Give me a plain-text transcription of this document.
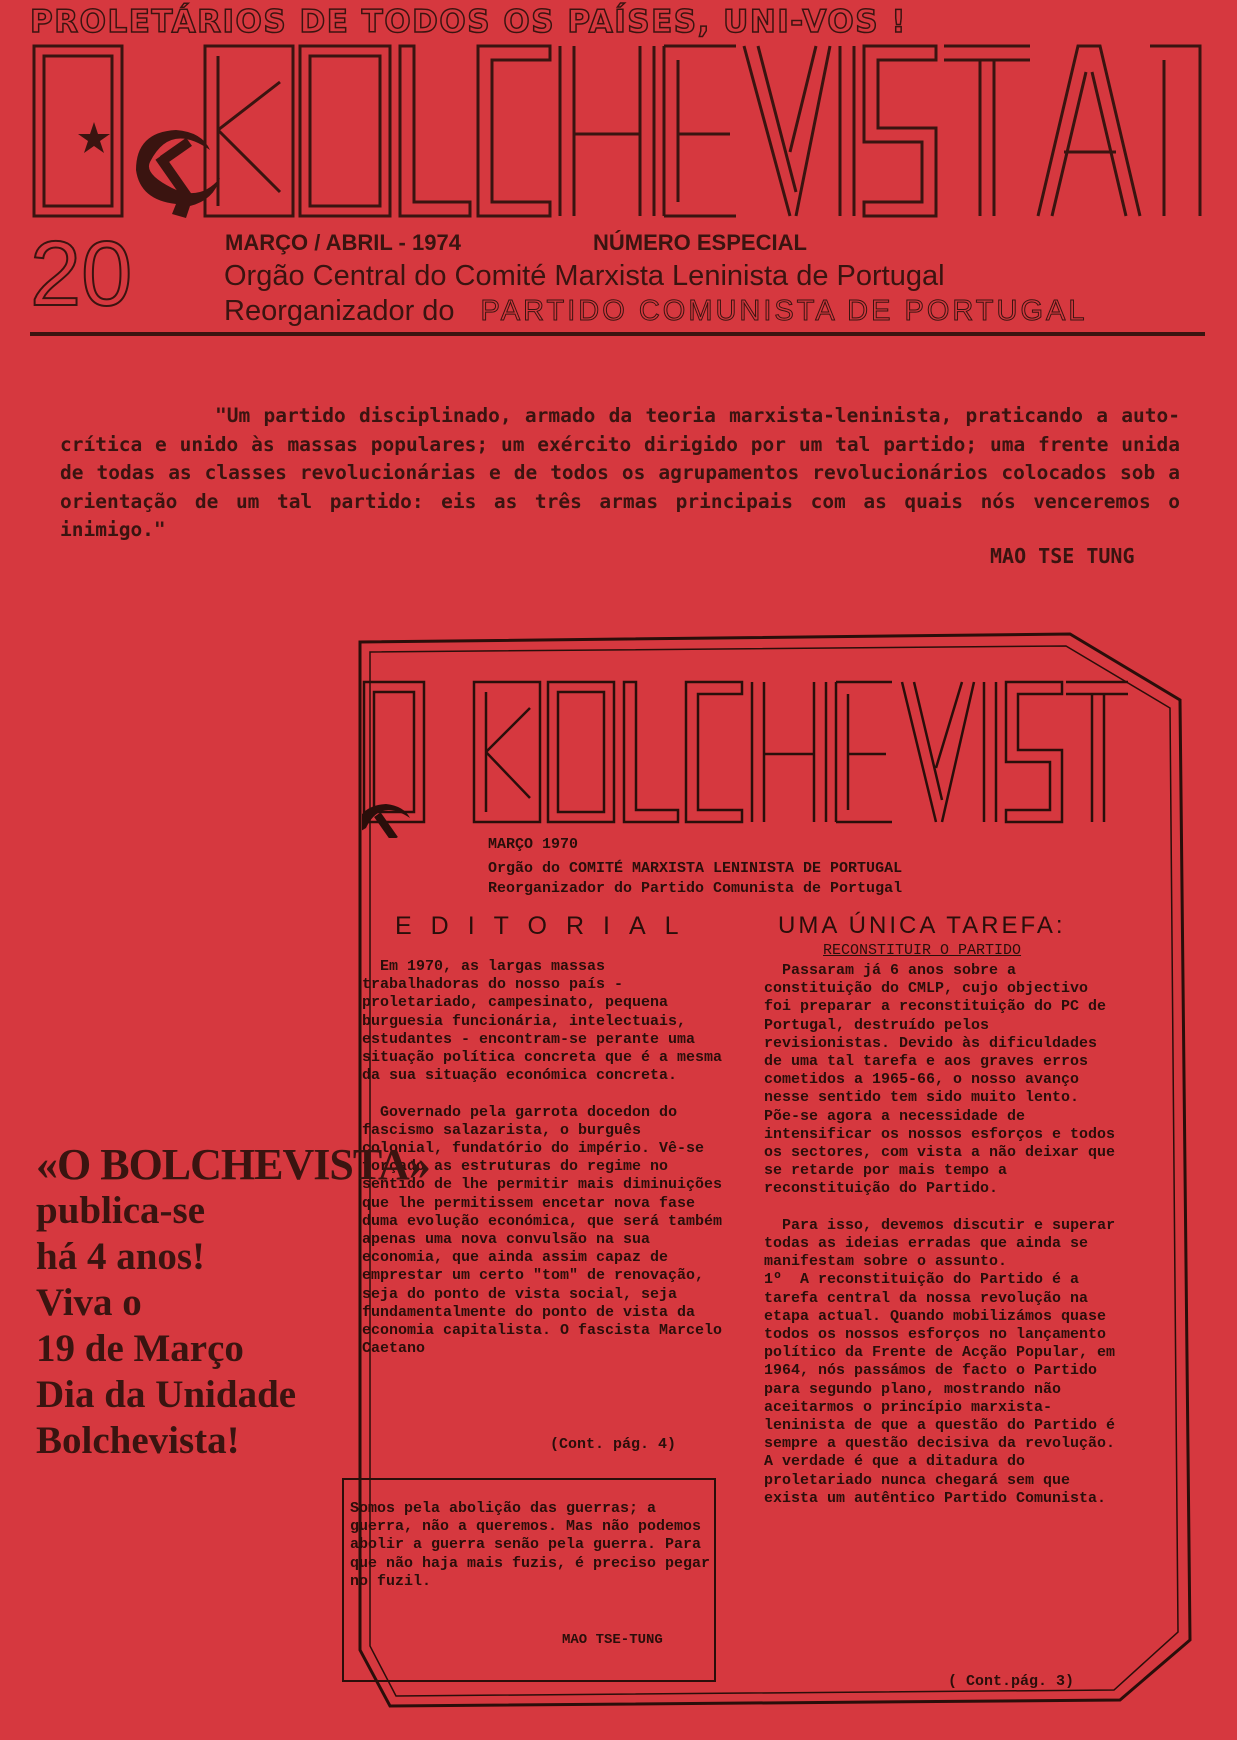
PROLETÁRIOS DE TODOS OS PAÍSES, UNI-VOS !
20	MARÇO / ABRIL - 1974	NÚMERO ESPECIAL
Orgão Central do Comité Marxista Leninista de Portugal
Reorganizador do PARTIDO COMUNISTA DE PORTUGAL
"Um partido disciplinado, armado da teoria marxista-leninista, praticando a auto-crítica e unido às massas populares; um exército dirigido por um tal partido; uma frente unida de todas as classes revolucionárias e de todos os agrupamentos revolucionários colocados sob a orientação de um tal partido: eis as três armas principais com as quais nós venceremos o inimigo."
MAO TSE TUNG
MARÇO 1970
Orgão do COMITÉ MARXISTA LENINISTA DE PORTUGAL
Reorganizador do Partido Comunista de Portugal
EDITORIAL	UMA ÚNICA TAREFA:
RECONSTITUIR O PARTIDO
Em 1970, as largas massas trabalhadoras do nosso país - proletariado, campesinato, pequena burguesia funcionária, intelectuais, estudantes - encontram-se perante uma situação política concreta que é a mesma da sua situação económica concreta.

Governado pela garrota docedon do fascismo salazarista, o burguês colonial, fundatório do império. Vê-se forçado as estruturas do regime no sentido de lhe permitir mais diminuições que lhe permitissem encetar nova fase duma evolução económica, que será também apenas uma nova convulsão na sua economia, que ainda assim capaz de emprestar um certo "tom" de renovação, seja do ponto de vista social, seja fundamentalmente do ponto de vista da economia capitalista. O fascista Marcelo Caetano
(Cont. pág. 4)
Somos pela abolição das guerras; a guerra, não a queremos. Mas não podemos abolir a guerra senão pela guerra. Para que não haja mais fuzis, é preciso pegar no fuzil.
MAO TSE-TUNG
Passaram já 6 anos sobre a constituição do CMLP, cujo objectivo foi preparar a reconstituição do PC de Portugal, destruído pelos revisionistas. Devido às dificuldades de uma tal tarefa e aos graves erros cometidos a 1965-66, o nosso avanço nesse sentido tem sido muito lento. Põe-se agora a necessidade de intensificar os nossos esforços e todos os sectores, com vista a não deixar que se retarde por mais tempo a reconstituição do Partido.

Para isso, devemos discutir e superar todas as ideias erradas que ainda se manifestam sobre o assunto.
1º  A reconstituição do Partido é a tarefa central da nossa revolução na etapa actual. Quando mobilizámos quase todos os nossos esforços no lançamento político da Frente de Acção Popular, em 1964, nós passámos de facto o Partido para segundo plano, mostrando não aceitarmos o princípio marxista-leninista de que a questão do Partido é sempre a questão decisiva da revolução. A verdade é que a ditadura do proletariado nunca chegará sem que exista um autêntico Partido Comunista.
( Cont.pág. 3)
«O BOLCHEVISTA»
publica-se
há 4 anos!
Viva o
19 de Março
Dia da Unidade
Bolchevista!
